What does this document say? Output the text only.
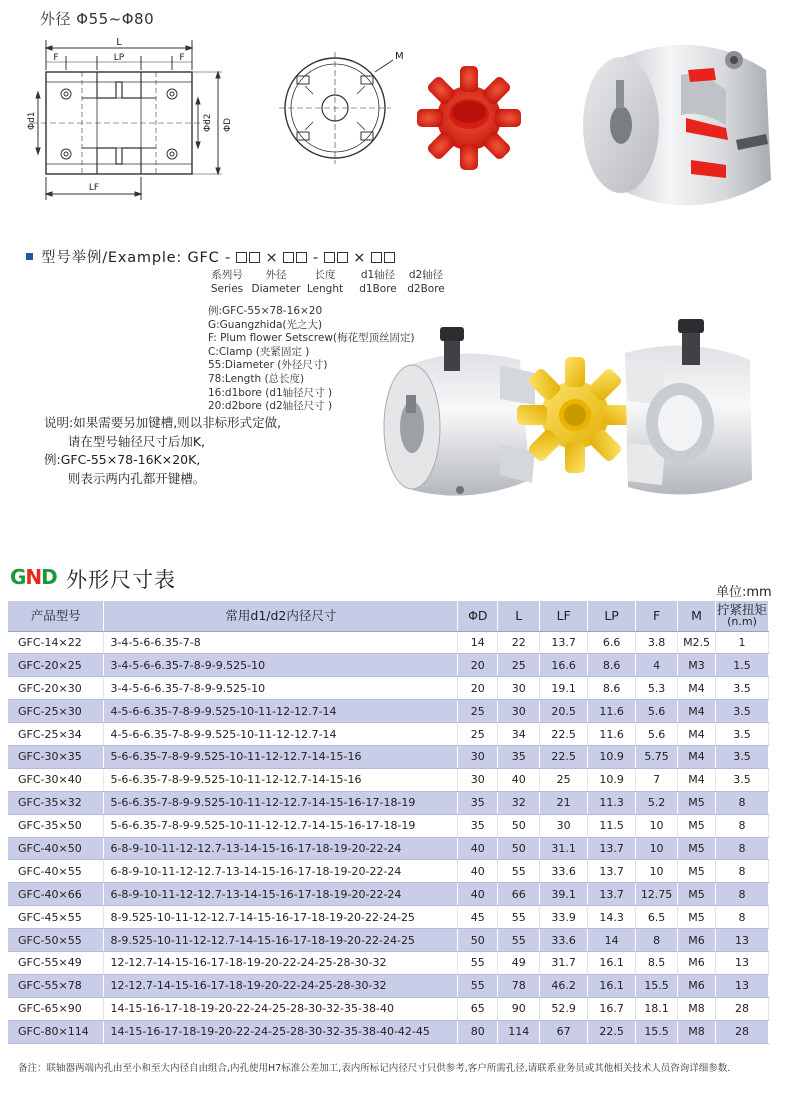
外径 Φ55~Φ80
L
F	LP	F
Φd1	Φd2 ΦD
LF
M
型号举例/Example: GFC -  ×  -  ×
系列号
Series
外径
Diameter
长度
Lenght
d1轴径
d1Bore
d2轴径
d2Bore
例:GFC-55×78-16×20
G:Guangzhida(光之大)
F: Plum flower Setscrew(梅花型顶丝固定)
C:Clamp (夹紧固定 )
55:Diameter (外径尺寸)
78:Length (总长度)
16:d1bore (d1轴径尺寸 )
20:d2bore (d2轴径尺寸 )
说明:如果需要另加键槽,则以非标形式定做,
请在型号轴径尺寸后加K,
例:GFC-55×78-16K×20K,
则表示两内孔都开键槽。
GND 外形尺寸表
单位:mm
产品型号	常用d1/d2内径尺寸	ΦD	L	LF	LP	F	M	拧紧扭矩
(n.m)

GFC-14×22	3-4-5-6-6.35-7-8	14	22	13.7	6.6	3.8	M2.5	1
GFC-20×25	3-4-5-6-6.35-7-8-9-9.525-10	20	25	16.6	8.6	4	M3	1.5
GFC-20×30	3-4-5-6-6.35-7-8-9-9.525-10	20	30	19.1	8.6	5.3	M4	3.5
GFC-25×30	4-5-6-6.35-7-8-9-9.525-10-11-12-12.7-14	25	30	20.5	11.6	5.6	M4	3.5
GFC-25×34	4-5-6-6.35-7-8-9-9.525-10-11-12-12.7-14	25	34	22.5	11.6	5.6	M4	3.5
GFC-30×35	5-6-6.35-7-8-9-9.525-10-11-12-12.7-14-15-16	30	35	22.5	10.9	5.75	M4	3.5
GFC-30×40	5-6-6.35-7-8-9-9.525-10-11-12-12.7-14-15-16	30	40	25	10.9	7	M4	3.5
GFC-35×32	5-6-6.35-7-8-9-9.525-10-11-12-12.7-14-15-16-17-18-19	35	32	21	11.3	5.2	M5	8
GFC-35×50	5-6-6.35-7-8-9-9.525-10-11-12-12.7-14-15-16-17-18-19	35	50	30	11.5	10	M5	8
GFC-40×50	6-8-9-10-11-12-12.7-13-14-15-16-17-18-19-20-22-24	40	50	31.1	13.7	10	M5	8
GFC-40×55	6-8-9-10-11-12-12.7-13-14-15-16-17-18-19-20-22-24	40	55	33.6	13.7	10	M5	8
GFC-40×66	6-8-9-10-11-12-12.7-13-14-15-16-17-18-19-20-22-24	40	66	39.1	13.7	12.75	M5	8
GFC-45×55	8-9.525-10-11-12-12.7-14-15-16-17-18-19-20-22-24-25	45	55	33.9	14.3	6.5	M5	8
GFC-50×55	8-9.525-10-11-12-12.7-14-15-16-17-18-19-20-22-24-25	50	55	33.6	14	8	M6	13
GFC-55×49	12-12.7-14-15-16-17-18-19-20-22-24-25-28-30-32	55	49	31.7	16.1	8.5	M6	13
GFC-55×78	12-12.7-14-15-16-17-18-19-20-22-24-25-28-30-32	55	78	46.2	16.1	15.5	M6	13
GFC-65×90	14-15-16-17-18-19-20-22-24-25-28-30-32-35-38-40	65	90	52.9	16.7	18.1	M8	28
GFC-80×114	14-15-16-17-18-19-20-22-24-25-28-30-32-35-38-40-42-45	80	114	67	22.5	15.5	M8	28
备注：联轴器两端内孔由至小和至大内径自由组合,内孔使用H7标准公差加工,表内所标记内径尺寸只供参考,客户所需孔径,请联系业务员或其他相关技术人员咨询详细参数.
